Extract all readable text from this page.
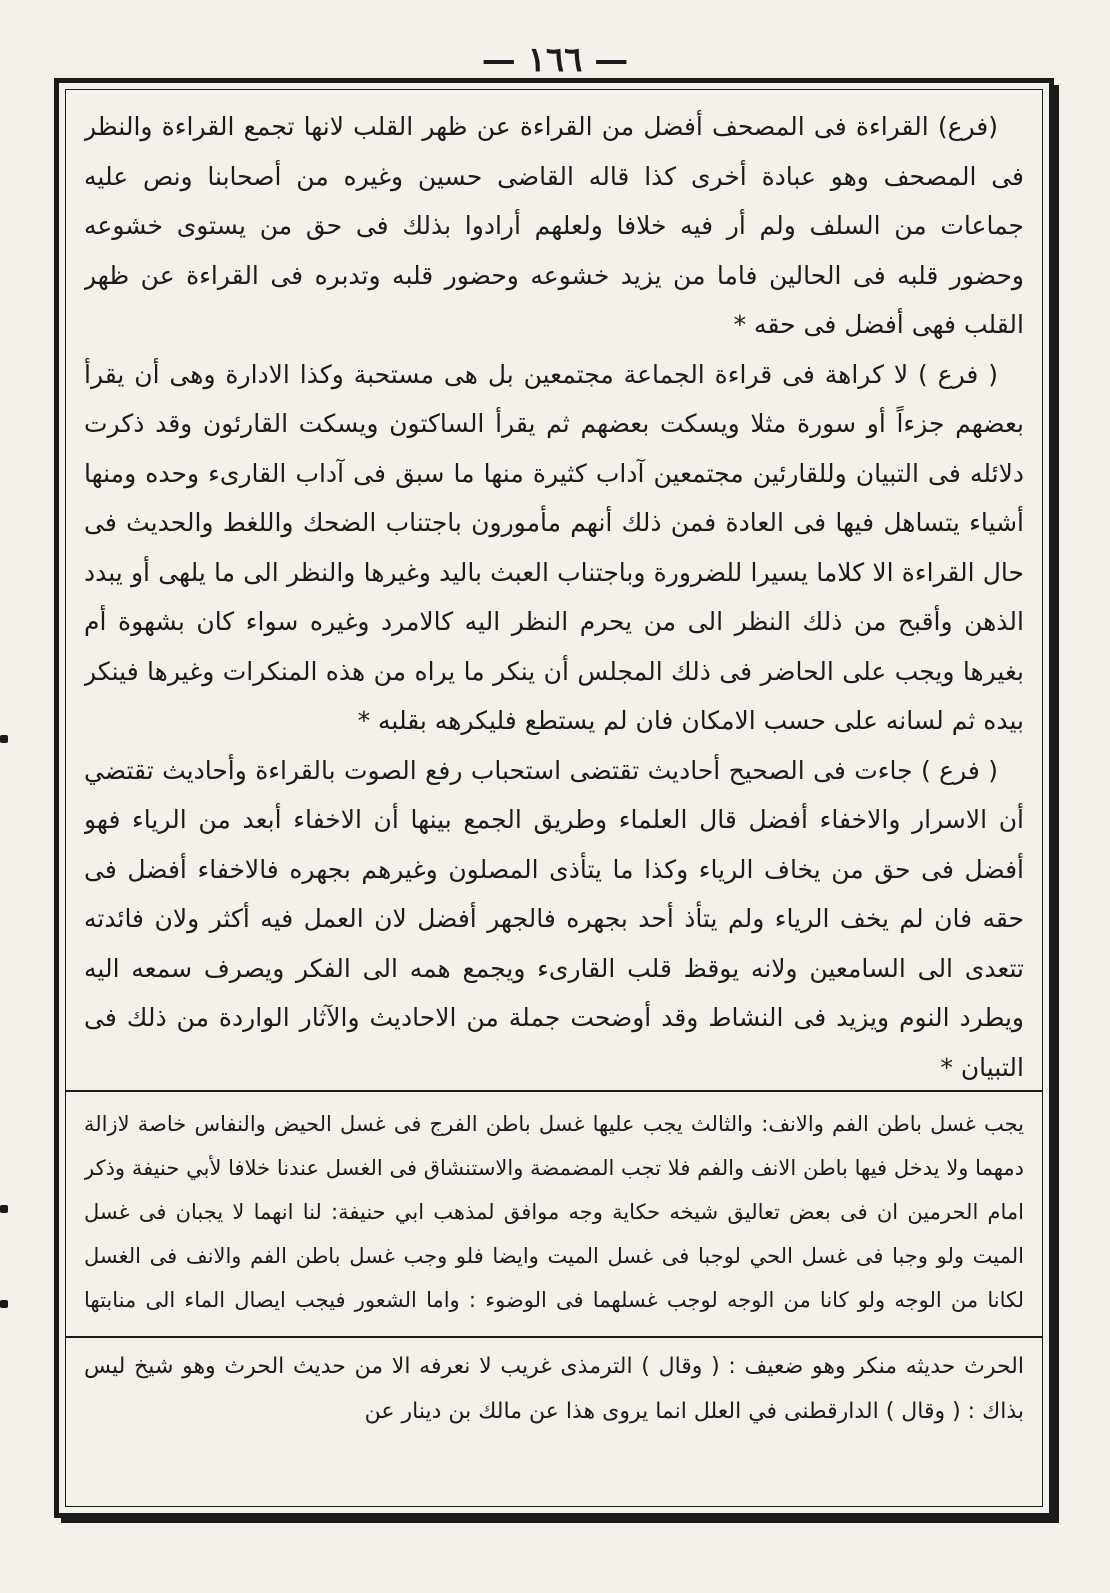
— ١٦٦ —

(فرع) القراءة فى المصحف أفضل من القراءة عن ظهر القلب لانها تجمع القراءة والنظر فى المصحف وهو عبادة أخرى كذا قاله القاضى حسين وغيره من أصحابنا ونص عليه جماعات من السلف ولم أر فيه خلافا ولعلهم أرادوا بذلك فى حق من يستوى خشوعه وحضور قلبه فى الحالين فاما من يزيد خشوعه وحضور قلبه وتدبره فى القراءة عن ظهر القلب فهى أفضل فى حقه *

( فرع ) لا كراهة فى قراءة الجماعة مجتمعين بل هى مستحبة وكذا الادارة وهى أن يقرأ بعضهم جزءاً أو سورة مثلا ويسكت بعضهم ثم يقرأ الساكتون ويسكت القارئون وقد ذكرت دلائله فى التبيان وللقارئين مجتمعين آداب كثيرة منها ما سبق فى آداب القارىء وحده ومنها أشياء يتساهل فيها فى العادة فمن ذلك أنهم مأمورون باجتناب الضحك واللغط والحديث فى حال القراءة الا كلاما يسيرا للضرورة وباجتناب العبث باليد وغيرها والنظر الى ما يلهى أو يبدد الذهن وأقبح من ذلك النظر الى من يحرم النظر اليه كالامرد وغيره سواء كان بشهوة أم بغيرها ويجب على الحاضر فى ذلك المجلس أن ينكر ما يراه من هذه المنكرات وغيرها فينكر بيده ثم لسانه على حسب الامكان فان لم يستطع فليكرهه بقلبه *

( فرع ) جاءت فى الصحيح أحاديث تقتضى استحباب رفع الصوت بالقراءة وأحاديث تقتضي أن الاسرار والاخفاء أفضل قال العلماء وطريق الجمع بينها أن الاخفاء أبعد من الرياء فهو أفضل فى حق من يخاف الرياء وكذا ما يتأذى المصلون وغيرهم بجهره فالاخفاء أفضل فى حقه فان لم يخف الرياء ولم يتأذ أحد بجهره فالجهر أفضل لان العمل فيه أكثر ولان فائدته تتعدى الى السامعين ولانه يوقظ قلب القارىء ويجمع همه الى الفكر ويصرف سمعه اليه ويطرد النوم ويزيد فى النشاط وقد أوضحت جملة من الاحاديث والآثار الواردة من ذلك فى التبيان *

يجب غسل باطن الفم والانف: والثالث يجب عليها غسل باطن الفرج فى غسل الحيض والنفاس خاصة لازالة دمهما ولا يدخل فيها باطن الانف والفم فلا تجب المضمضة والاستنشاق فى الغسل عندنا خلافا لأبي حنيفة وذكر امام الحرمين ان فى بعض تعاليق شيخه حكاية وجه موافق لمذهب ابي حنيفة: لنا انهما لا يجبان فى غسل الميت ولو وجبا فى غسل الحي لوجبا فى غسل الميت وايضا فلو وجب غسل باطن الفم والانف فى الغسل لكانا من الوجه ولو كانا من الوجه لوجب غسلهما فى الوضوء : واما الشعور فيجب ايصال الماء الى منابتها

الحرث حديثه منكر وهو ضعيف : ( وقال ) الترمذى غريب لا نعرفه الا من حديث الحرث وهو شيخ ليس بذاك : ( وقال ) الدارقطنى في العلل انما يروى هذا عن مالك بن دينار عن
